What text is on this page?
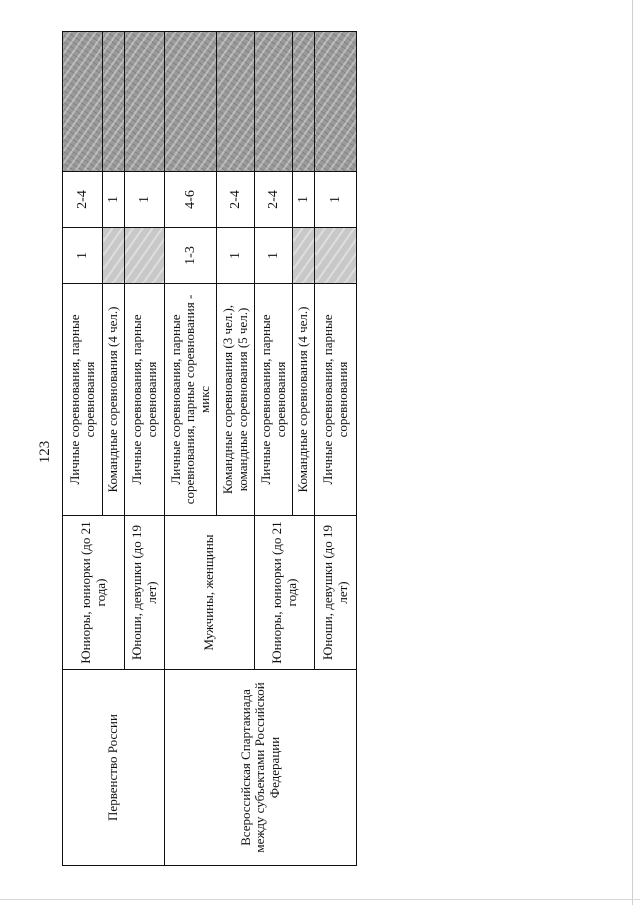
123
Первенство России	Юниоры, юниорки (до 21 года)	Личные соревнования, парные соревнования	1	2-4	
		Командные соревнования (4 чел.)		1	
	Юноши, девушки (до 19 лет)	Личные соревнования, парные соревнования		1	
Всероссийская Спартакиада между субъектами Российской Федерации	Мужчины, женщины	Личные соревнования, парные соревнования, парные соревнования - микс	1-3	4-6	
		Командные соревнования (3 чел.), командные соревнования (5 чел.)	1	2-4	
	Юниоры, юниорки (до 21 года)	Личные соревнования, парные соревнования	1	2-4	
		Командные соревнования (4 чел.)		1	
	Юноши, девушки (до 19 лет)	Личные соревнования, парные соревнования		1	
